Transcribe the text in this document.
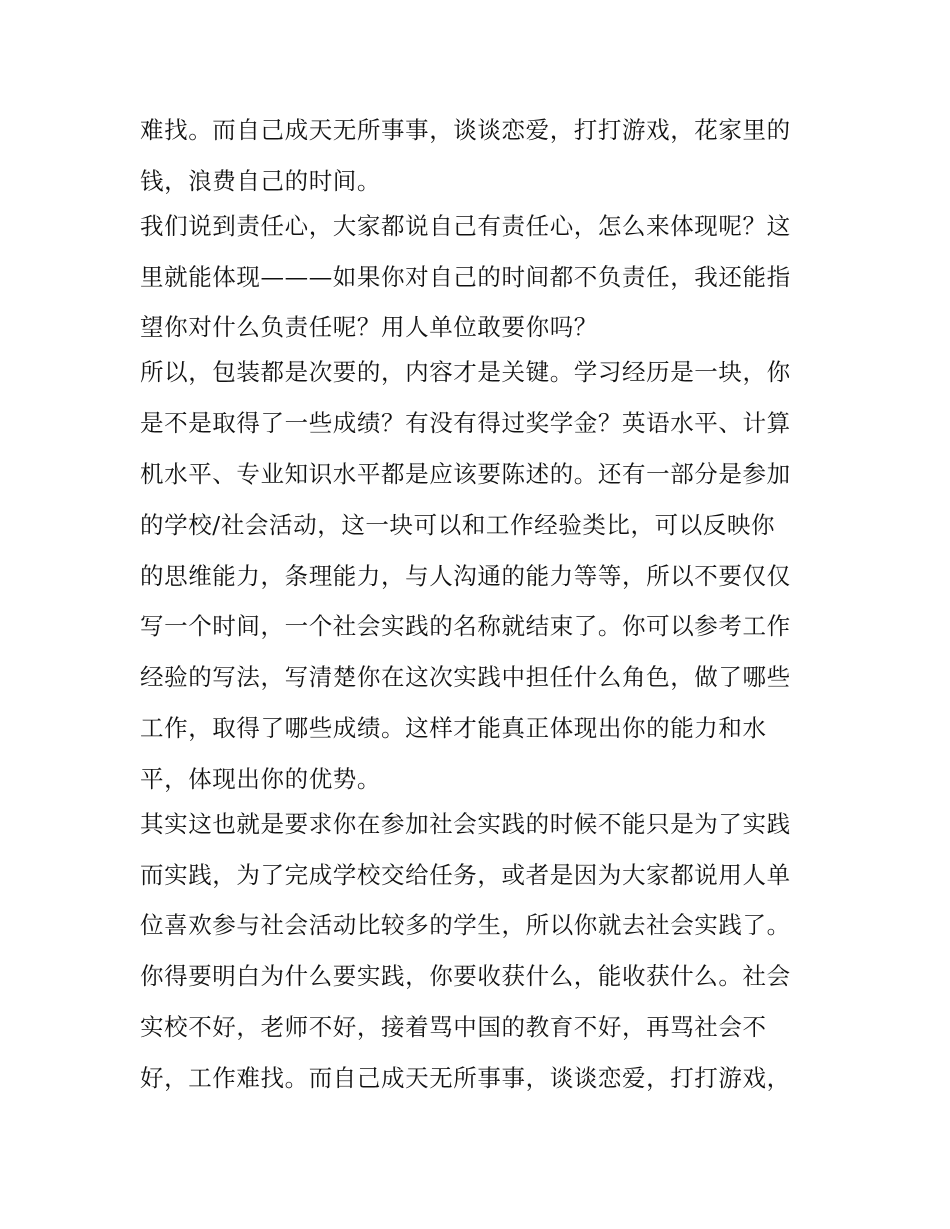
难找。而自己成天无所事事，谈谈恋爱，打打游戏，花家里的

钱，浪费自己的时间。

我们说到责任心，大家都说自己有责任心，怎么来体现呢？这

里就能体现———如果你对自己的时间都不负责任，我还能指

望你对什么负责任呢？用人单位敢要你吗？

所以，包装都是次要的，内容才是关键。学习经历是一块，你

是不是取得了一些成绩？有没有得过奖学金？英语水平、计算

机水平、专业知识水平都是应该要陈述的。还有一部分是参加

的学校/社会活动，这一块可以和工作经验类比，可以反映你

的思维能力，条理能力，与人沟通的能力等等，所以不要仅仅

写一个时间，一个社会实践的名称就结束了。你可以参考工作

经验的写法，写清楚你在这次实践中担任什么角色，做了哪些

工作，取得了哪些成绩。这样才能真正体现出你的能力和水

平，体现出你的优势。

其实这也就是要求你在参加社会实践的时候不能只是为了实践

而实践，为了完成学校交给任务，或者是因为大家都说用人单

位喜欢参与社会活动比较多的学生，所以你就去社会实践了。

你得要明白为什么要实践，你要收获什么，能收获什么。社会

实校不好，老师不好，接着骂中国的教育不好，再骂社会不

好，工作难找。而自己成天无所事事，谈谈恋爱，打打游戏，
